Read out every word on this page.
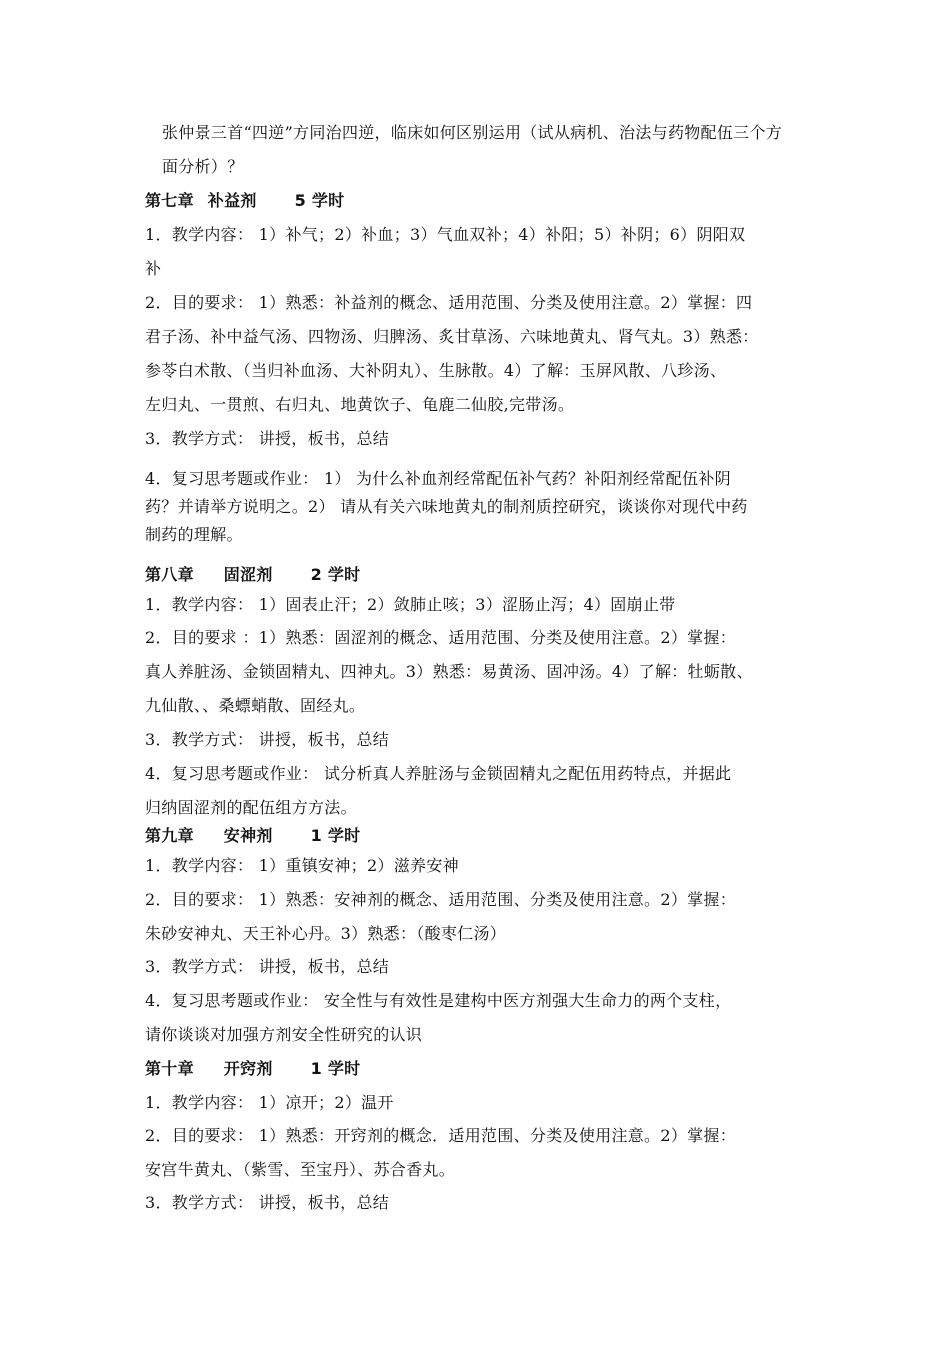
张仲景三首“四逆”方同治四逆，临床如何区别运用（试从病机、治法与药物配伍三个方
面分析）？
第七章 补益剂 5 学时
1．教学内容： 1）补气；2）补血；3）气血双补；4）补阳；5）补阴；6）阴阳双
补
2．目的要求： 1）熟悉：补益剂的概念、适用范围、分类及使用注意。2）掌握：四
君子汤、补中益气汤、四物汤、归脾汤、炙甘草汤、六味地黄丸、肾气丸。3）熟悉：
参苓白术散、（当归补血汤、大补阴丸）、生脉散。4）了解：玉屏风散、八珍汤、
左归丸、一贯煎、右归丸、地黄饮子、龟鹿二仙胶,完带汤。
3．教学方式： 讲授，板书，总结
4．复习思考题或作业： 1） 为什么补血剂经常配伍补气药？补阳剂经常配伍补阴
药？并请举方说明之。2） 请从有关六味地黄丸的制剂质控研究，谈谈你对现代中药
制药的理解。
第八章 固涩剂 2 学时
1．教学内容： 1）固表止汗；2）敛肺止咳；3）涩肠止泻；4）固崩止带
2．目的要求 ：1）熟悉：固涩剂的概念、适用范围、分类及使用注意。2）掌握：
真人养脏汤、金锁固精丸、四神丸。3）熟悉：易黄汤、固冲汤。4）了解：牡蛎散、
九仙散、、桑螵蛸散、固经丸。
3．教学方式： 讲授，板书，总结
4．复习思考题或作业： 试分析真人养脏汤与金锁固精丸之配伍用药特点，并据此
归纳固涩剂的配伍组方方法。
第九章 安神剂 1 学时
1．教学内容： 1）重镇安神；2）滋养安神
2．目的要求： 1）熟悉：安神剂的概念、适用范围、分类及使用注意。2）掌握：
朱砂安神丸、天王补心丹。3）熟悉：（酸枣仁汤）
3．教学方式： 讲授，板书，总结
4．复习思考题或作业： 安全性与有效性是建构中医方剂强大生命力的两个支柱，
请你谈谈对加强方剂安全性研究的认识
第十章 开窍剂 1 学时
1．教学内容： 1）凉开；2）温开
2．目的要求： 1）熟悉：开窍剂的概念．适用范围、分类及使用注意。2）掌握：
安宫牛黄丸、（紫雪、至宝丹）、苏合香丸。
3．教学方式： 讲授，板书，总结
